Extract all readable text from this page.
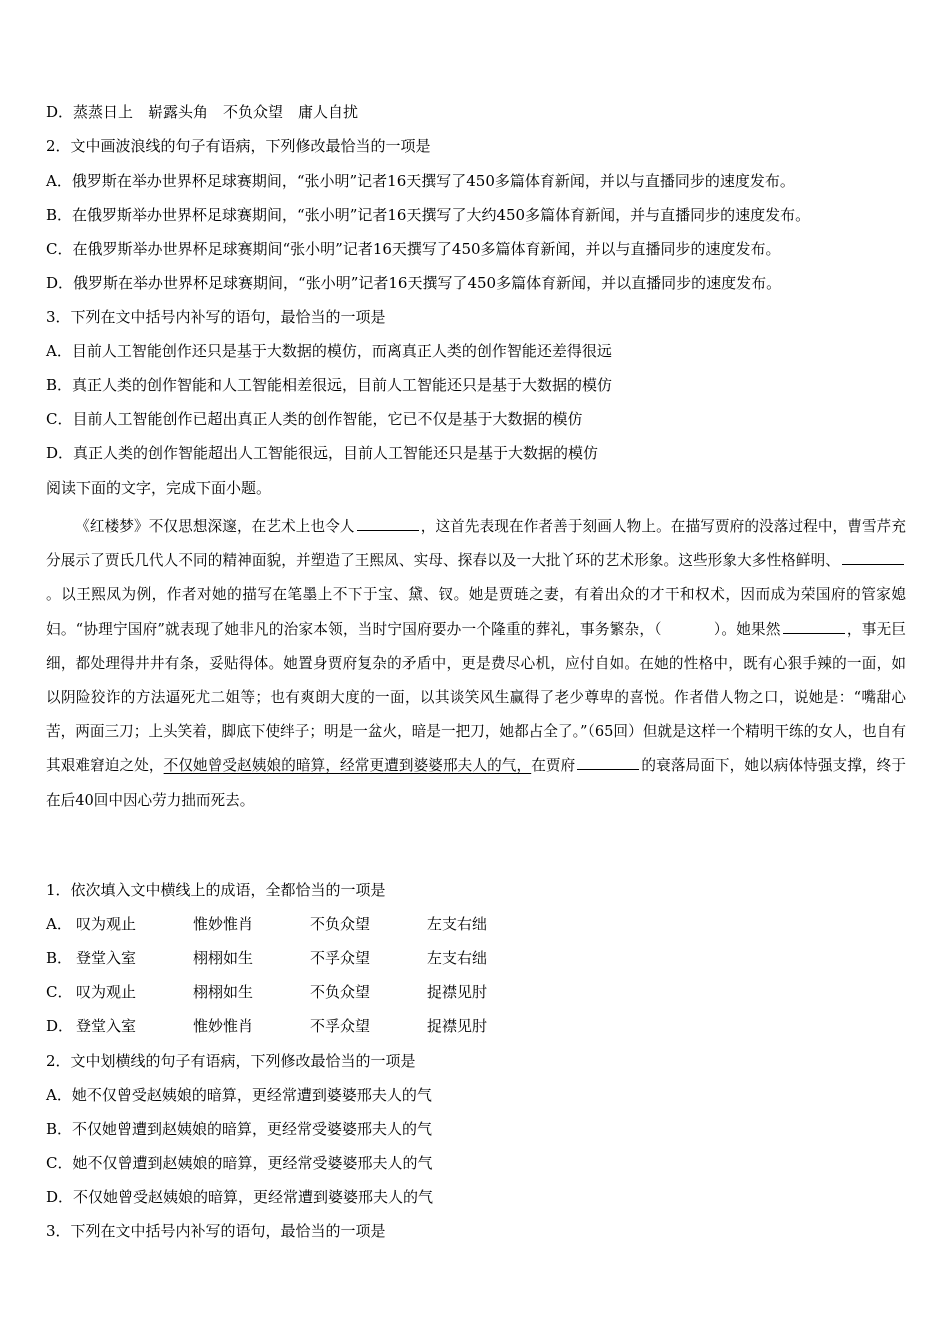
D．蒸蒸日上　崭露头角　不负众望　庸人自扰
2．文中画波浪线的句子有语病，下列修改最恰当的一项是
A．俄罗斯在举办世界杯足球赛期间，“张小明”记者16天撰写了450多篇体育新闻，并以与直播同步的速度发布。
B．在俄罗斯举办世界杯足球赛期间，“张小明”记者16天撰写了大约450多篇体育新闻，并与直播同步的速度发布。
C．在俄罗斯举办世界杯足球赛期间“张小明”记者16天撰写了450多篇体育新闻，并以与直播同步的速度发布。
D．俄罗斯在举办世界杯足球赛期间，“张小明”记者16天撰写了450多篇体育新闻，并以直播同步的速度发布。
3．下列在文中括号内补写的语句，最恰当的一项是
A．目前人工智能创作还只是基于大数据的模仿，而离真正人类的创作智能还差得很远
B．真正人类的创作智能和人工智能相差很远，目前人工智能还只是基于大数据的模仿
C．目前人工智能创作已超出真正人类的创作智能，它已不仅是基于大数据的模仿
D．真正人类的创作智能超出人工智能很远，目前人工智能还只是基于大数据的模仿
阅读下面的文字，完成下面小题。

《红楼梦》不仅思想深邃，在艺术上也令人	，这首先表现在作者善于刻画人物上。在描写贾府的没落过程中，曹雪芹充分展示了贾氏几代人不同的精神面貌，并塑造了王熙凤、实母、探春以及一大批丫环的艺术形象。这些形象大多性格鲜明、。以王熙凤为例，作者对她的描写在笔墨上不下于宝、黛、钗。她是贾琏之妻，有着出众的才干和权术，因而成为荣国府的管家媳妇。“协理宁国府”就表现了她非凡的治家本领，当时宁国府要办一个隆重的葬礼，事务繁杂，（	）。她果然	，事无巨细，都处理得井井有条，妥贴得体。她置身贾府复杂的矛盾中，更是费尽心机，应付自如。在她的性格中，既有心狠手辣的一面，如以阴险狡诈的方法逼死尤二姐等；也有爽朗大度的一面，以其谈笑风生赢得了老少尊卑的喜悦。作者借人物之口，说她是：“嘴甜心苦，两面三刀；上头笑着，脚底下使绊子；明是一盆火，暗是一把刀，她都占全了。”（65回）但就是这样一个精明干练的女人，也自有其艰难窘迫之处，不仅她曾受赵姨娘的暗算，经常更遭到婆婆邢夫人的气，在贾府	的衰落局面下，她以病体恃强支撑，终于在后40回中因心劳力拙而死去。

1．依次填入文中横线上的成语，全都恰当的一项是
A． 叹为观止	惟妙惟肖	不负众望	左支右绌
B． 登堂入室	栩栩如生	不孚众望	左支右绌
C． 叹为观止	栩栩如生	不负众望	捉襟见肘
D． 登堂入室	惟妙惟肖	不孚众望	捉襟见肘
2．文中划横线的句子有语病，下列修改最恰当的一项是
A．她不仅曾受赵姨娘的暗算，更经常遭到婆婆邢夫人的气
B．不仅她曾遭到赵姨娘的暗算，更经常受婆婆邢夫人的气
C．她不仅曾遭到赵姨娘的暗算，更经常受婆婆邢夫人的气
D．不仅她曾受赵姨娘的暗算，更经常遭到婆婆邢夫人的气
3．下列在文中括号内补写的语句，最恰当的一项是
